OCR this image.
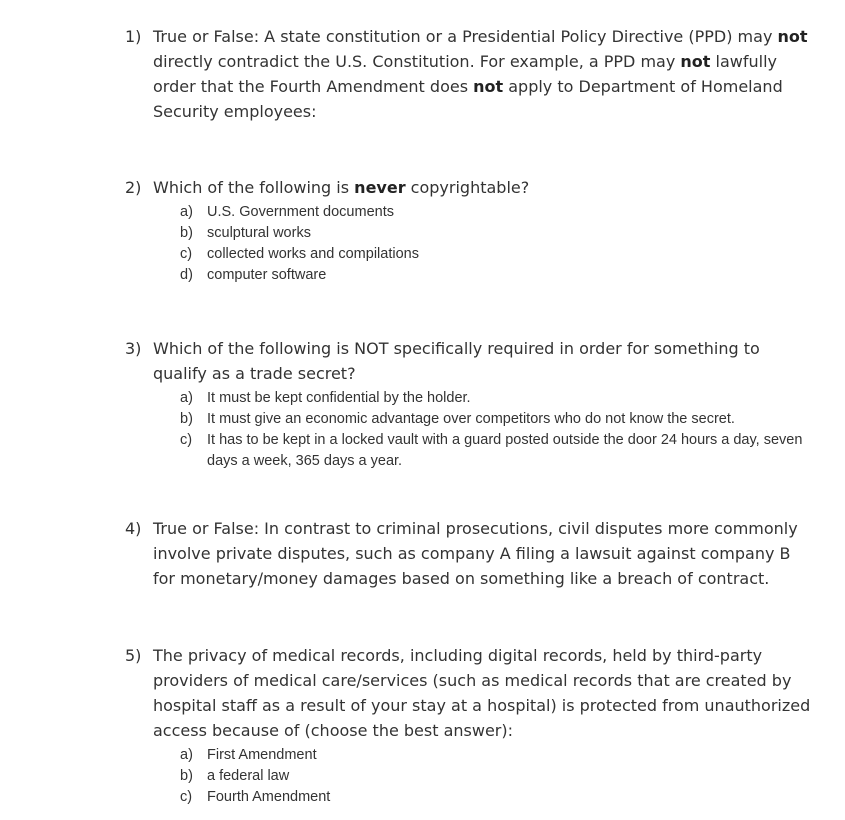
1) True or False: A state constitution or a Presidential Policy Directive (PPD) may not directly contradict the U.S. Constitution. For example, a PPD may not lawfully order that the Fourth Amendment does not apply to Department of Homeland Security employees:
2) Which of the following is never copyrightable?
a) U.S. Government documents
b) sculptural works
c) collected works and compilations
d) computer software
3) Which of the following is NOT specifically required in order for something to qualify as a trade secret?
a) It must be kept confidential by the holder.
b) It must give an economic advantage over competitors who do not know the secret.
c) It has to be kept in a locked vault with a guard posted outside the door 24 hours a day, seven days a week, 365 days a year.
4) True or False: In contrast to criminal prosecutions, civil disputes more commonly involve private disputes, such as company A filing a lawsuit against company B for monetary/money damages based on something like a breach of contract.
5) The privacy of medical records, including digital records, held by third-party providers of medical care/services (such as medical records that are created by hospital staff as a result of your stay at a hospital) is protected from unauthorized access because of (choose the best answer):
a) First Amendment
b) a federal law
c) Fourth Amendment
